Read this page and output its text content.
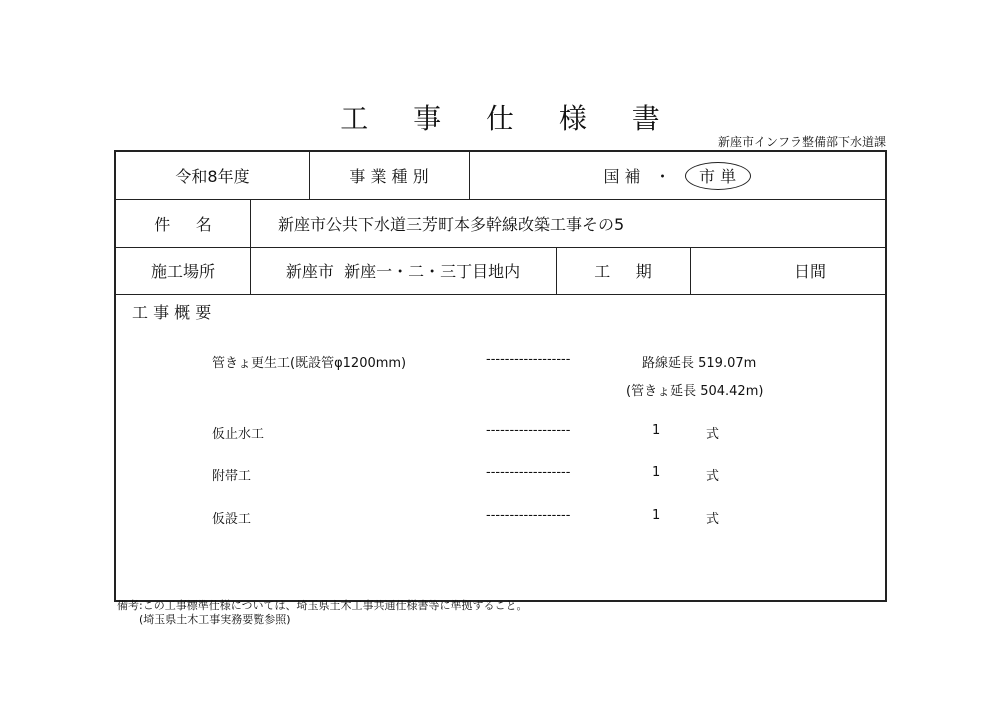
工 事 仕 様 書
新座市インフラ整備部下水道課
令和8年度	事 業 種 別	国 補 ・	市 単
件     名	新座市公共下水道三芳町本多幹線改築工事その5
施工場所	新座市  新座一・二・三丁目地内	工     期	日間
工 事 概 要
管きょ更生工(既設管φ1200mm)	------------------	路線延長 519.07m
(管きょ延長 504.42m)
仮止水工	------------------	1	式
附帯工	------------------	1	式
仮設工	------------------	1	式
備考:この工事標準仕様については、埼玉県土木工事共通仕様書等に準拠すること。
(埼玉県土木工事実務要覧参照)
